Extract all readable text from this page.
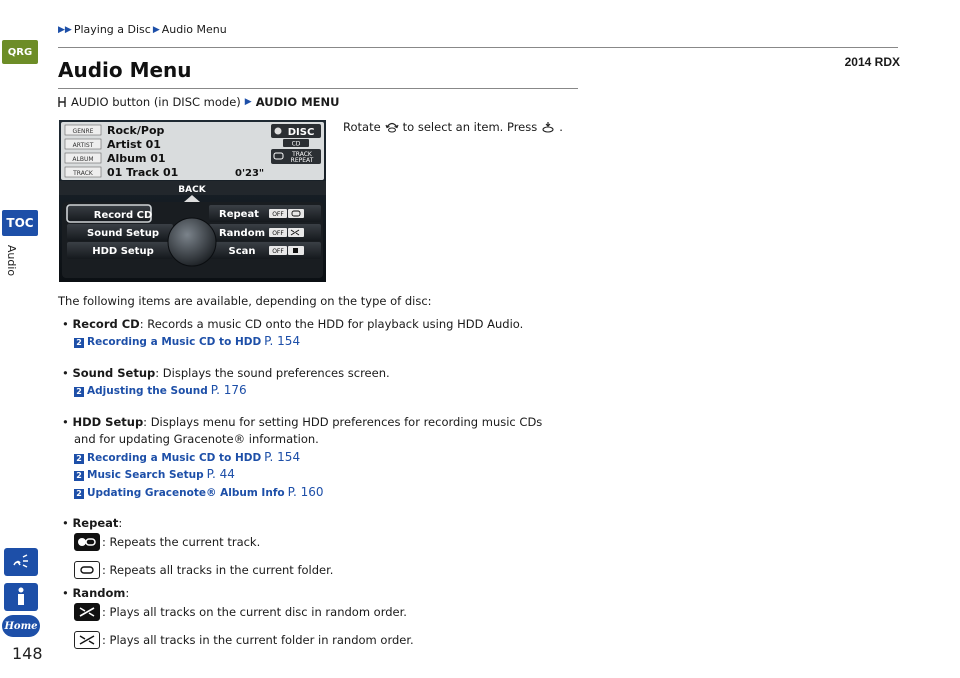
QRG
TOC
Audio
Home
148
▶▶ Playing a Disc ▶ Audio Menu
2014 RDX
Audio Menu
AUDIO button (in DISC mode) ▶ AUDIO MENU
Rotate to select an item. Press .
GENRE Rock/Pop
ARTIST Artist 01
ALBUM Album 01
TRACK 01 Track 01	0'23"
DISC
CD
TRACK
REPEAT
BACK
Record CD
Sound Setup
HDD Setup
Repeat
Random
Scan
OFF
OFF
OFF
The following items are available, depending on the type of disc:
• Record CD: Records a music CD onto the HDD for playback using HDD Audio.
2 Recording a Music CD to HDD P. 154
• Sound Setup: Displays the sound preferences screen.
2 Adjusting the Sound P. 176
• HDD Setup: Displays menu for setting HDD preferences for recording music CDs
and for updating Gracenote® information.
2 Recording a Music CD to HDD P. 154
2 Music Search Setup P. 44
2 Updating Gracenote® Album Info P. 160
• Repeat:
: Repeats the current track.
: Repeats all tracks in the current folder.
• Random:
: Plays all tracks on the current disc in random order.
: Plays all tracks in the current folder in random order.
